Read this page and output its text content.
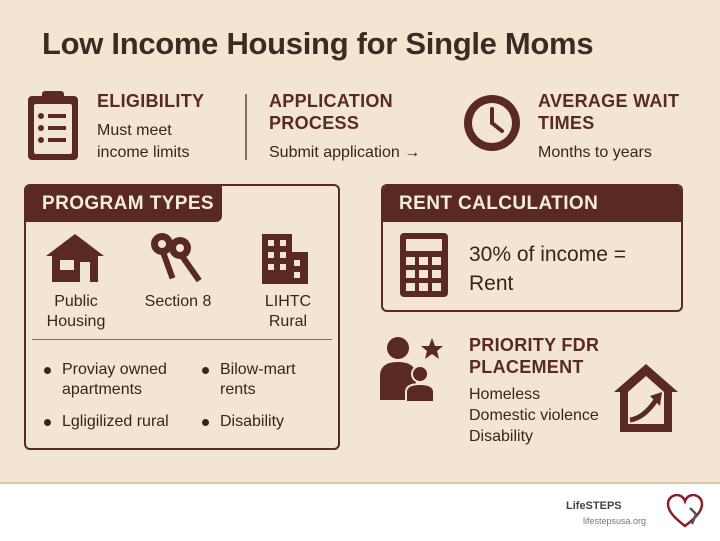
Low Income Housing for Single Moms
ELIGIBILITY
Must meet
income limits
APPLICATION
PROCESS
Submit application →
AVERAGE WAIT
TIMES
Months to years
PROGRAM TYPES
Public
Housing
Section 8	LIHTC
Rural
Proviay owned
apartments
Bilow-mart
rents
Lgligilized rural	Disability
RENT CALCULATION
30% of income =
Rent
PRIORITY FDR
PLACEMENT
Homeless
Domestic violence
Disability
LifeSTEPS
lifestepsusa.org
